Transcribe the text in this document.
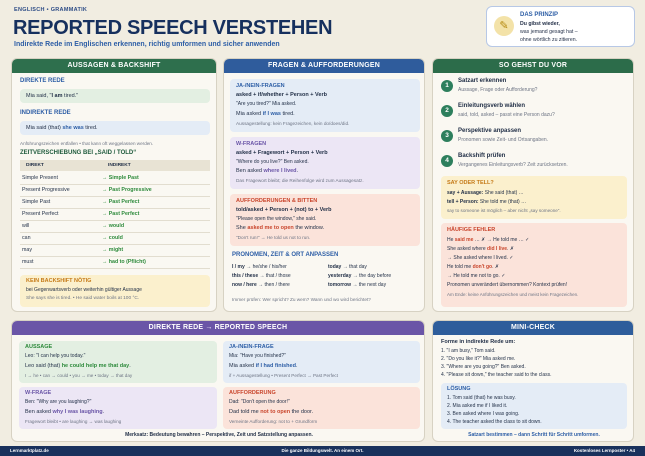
ENGLISCH • GRAMMATIK
REPORTED SPEECH VERSTEHEN
Indirekte Rede im Englischen erkennen, richtig umformen und sicher anwenden
✎
DAS PRINZIP
Du gibst wieder,
was jemand gesagt hat –
ohne wörtlich zu zitieren.
AUSSAGEN & BACKSHIFT
DIREKTE REDE
Mia said, "I am tired."
INDIREKTE REDE
Mia said (that) she was tired.
Anführungszeichen entfallen • that kann oft weggelassen werden.
ZEITVERSCHIEBUNG BEI „SAID / TOLD“
DIREKT	INDIREKT
Simple Present	→ Simple Past
Present Progressive	→ Past Progressive
Simple Past	→ Past Perfect
Present Perfect	→ Past Perfect
will	→ would
can	→ could
may	→ might
must	→ had to (Pflicht)
KEIN BACKSHIFT NÖTIG
bei Gegenwartsverb oder weiterhin gültiger Aussage
She says she is tired. • He said water boils at 100 °C.
FRAGEN & AUFFORDERUNGEN
JA-/NEIN-FRAGEN
asked + if/whether + Person + Verb
"Are you tired?" Mia asked.
Mia asked if I was tired.
Aussagestellung: kein Fragezeichen, kein do/does/did.
W-FRAGEN
asked + Fragewort + Person + Verb
"Where do you live?" Ben asked.
Ben asked where I lived.
Das Fragewort bleibt; die Reihenfolge wird zum Aussagesatz.
AUFFORDERUNGEN & BITTEN
told/asked + Person + (not) to + Verb
"Please open the window," she said.
She asked me to open the window.
"Don't run!" → He told us not to run.
PRONOMEN, ZEIT & ORT ANPASSEN
I / my → he/she / his/her	today → that day
this / these → that / those	yesterday → the day before
now / here → then / there	tomorrow → the next day
Immer prüfen: Wer spricht? Zu wem? Wann und wo wird berichtet?
SO GEHST DU VOR
1
Satzart erkennen
Aussage, Frage oder Aufforderung?
2
Einleitungsverb wählen
said, told, asked – passt eine Person dazu?
3
Perspektive anpassen
Pronomen sowie Zeit- und Ortsangaben.
4
Backshift prüfen
Vergangenes Einleitungsverb? Zeit zurücksetzen.
SAY ODER TELL?
say + Aussage: She said (that) …
tell + Person: She told me (that) …
say to someone ist möglich – aber nicht „say someone“.
HÄUFIGE FEHLER
He said me … ✗ → He told me … ✓
She asked where did I live. ✗
→ She asked where I lived. ✓
He told me don't go. ✗
→ He told me not to go. ✓
Pronomen unverändert übernommen? Kontext prüfen!
Am Ende: keine Anführungszeichen und meist kein Fragezeichen.
DIREKTE REDE → REPORTED SPEECH
AUSSAGE
Leo: "I can help you today."
Leo said (that) he could help me that day.
I → he • can → could • you → me • today → that day
JA-/NEIN-FRAGE
Mia: "Have you finished?"
Mia asked if I had finished.
if + Aussagestellung • Present Perfect → Past Perfect
W-FRAGE
Ben: "Why are you laughing?"
Ben asked why I was laughing.
Fragewort bleibt • are laughing → was laughing
AUFFORDERUNG
Dad: "Don't open the door!"
Dad told me not to open the door.
Verneinte Aufforderung: not to + Grundform
Merksatz: Bedeutung bewahren – Perspektive, Zeit und Satzstellung anpassen.
MINI-CHECK
Forme in indirekte Rede um:
1. "I am busy," Tom said.
2. "Do you like it?" Mia asked me.
3. "Where are you going?" Ben asked.
4. "Please sit down," the teacher said to the class.
LÖSUNG
1. Tom said (that) he was busy.
2. Mia asked me if I liked it.
3. Ben asked where I was going.
4. The teacher asked the class to sit down.
Satzart bestimmen – dann Schritt für Schritt umformen.
Lernmarktplatz.de	Die ganze Bildungswelt. An einem Ort.	Kostenloses Lernposter • A4
